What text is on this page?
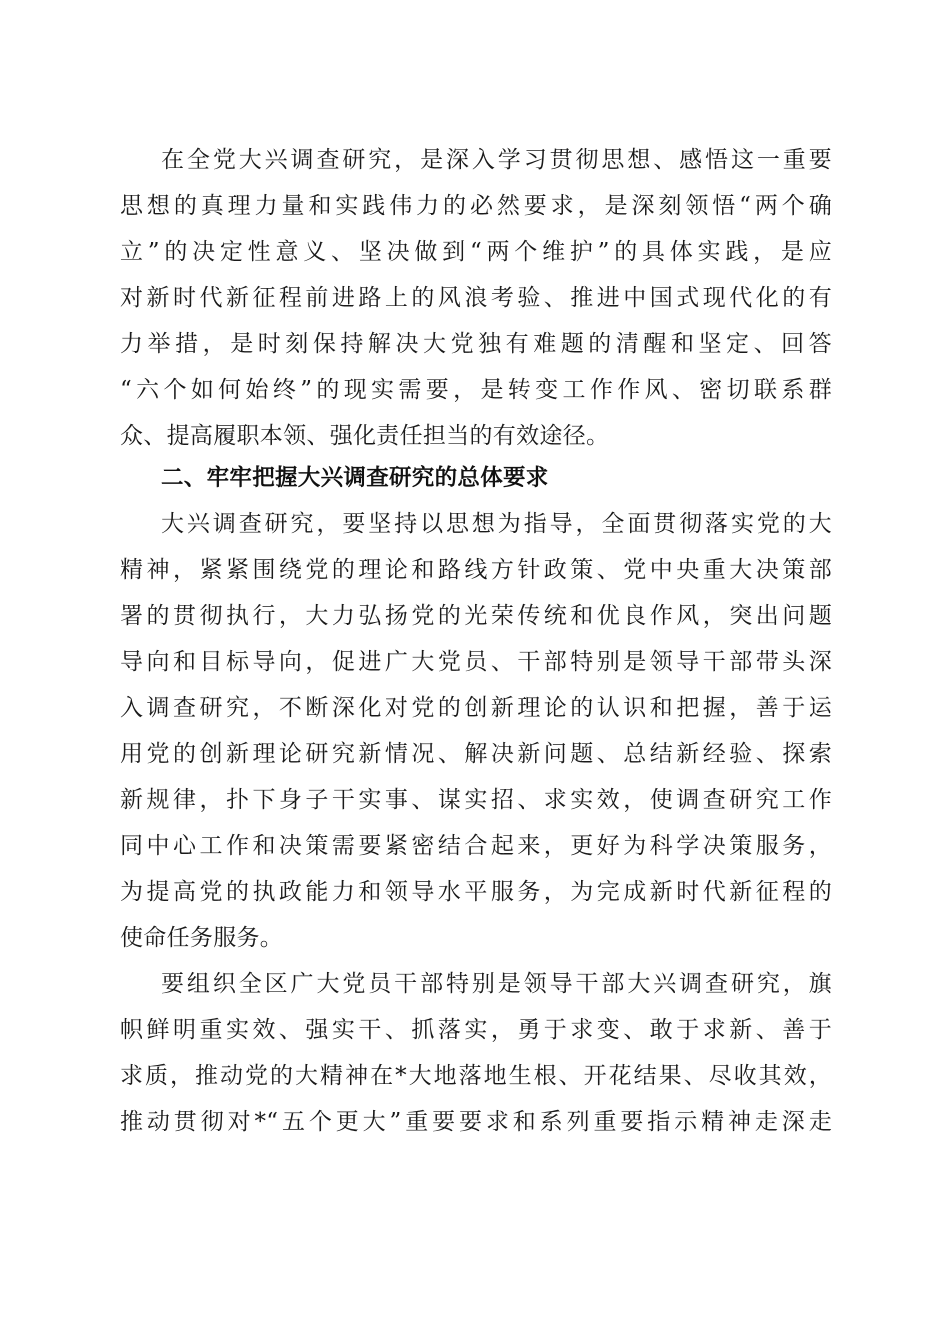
在全党大兴调查研究，是深入学习贯彻思想、感悟这一重要
思想的真理力量和实践伟力的必然要求，是深刻领悟“两个确
立”的决定性意义、坚决做到“两个维护”的具体实践，是应
对新时代新征程前进路上的风浪考验、推进中国式现代化的有
力举措，是时刻保持解决大党独有难题的清醒和坚定、回答
“六个如何始终”的现实需要，是转变工作作风、密切联系群
众、提高履职本领、强化责任担当的有效途径。
二、牢牢把握大兴调查研究的总体要求
大兴调查研究，要坚持以思想为指导，全面贯彻落实党的大
精神，紧紧围绕党的理论和路线方针政策、党中央重大决策部
署的贯彻执行，大力弘扬党的光荣传统和优良作风，突出问题
导向和目标导向，促进广大党员、干部特别是领导干部带头深
入调查研究，不断深化对党的创新理论的认识和把握，善于运
用党的创新理论研究新情况、解决新问题、总结新经验、探索
新规律，扑下身子干实事、谋实招、求实效，使调查研究工作
同中心工作和决策需要紧密结合起来，更好为科学决策服务，
为提高党的执政能力和领导水平服务，为完成新时代新征程的
使命任务服务。
要组织全区广大党员干部特别是领导干部大兴调查研究，旗
帜鲜明重实效、强实干、抓落实，勇于求变、敢于求新、善于
求质，推动党的大精神在*大地落地生根、开花结果、尽收其效，
推动贯彻对*“五个更大”重要要求和系列重要指示精神走深走
